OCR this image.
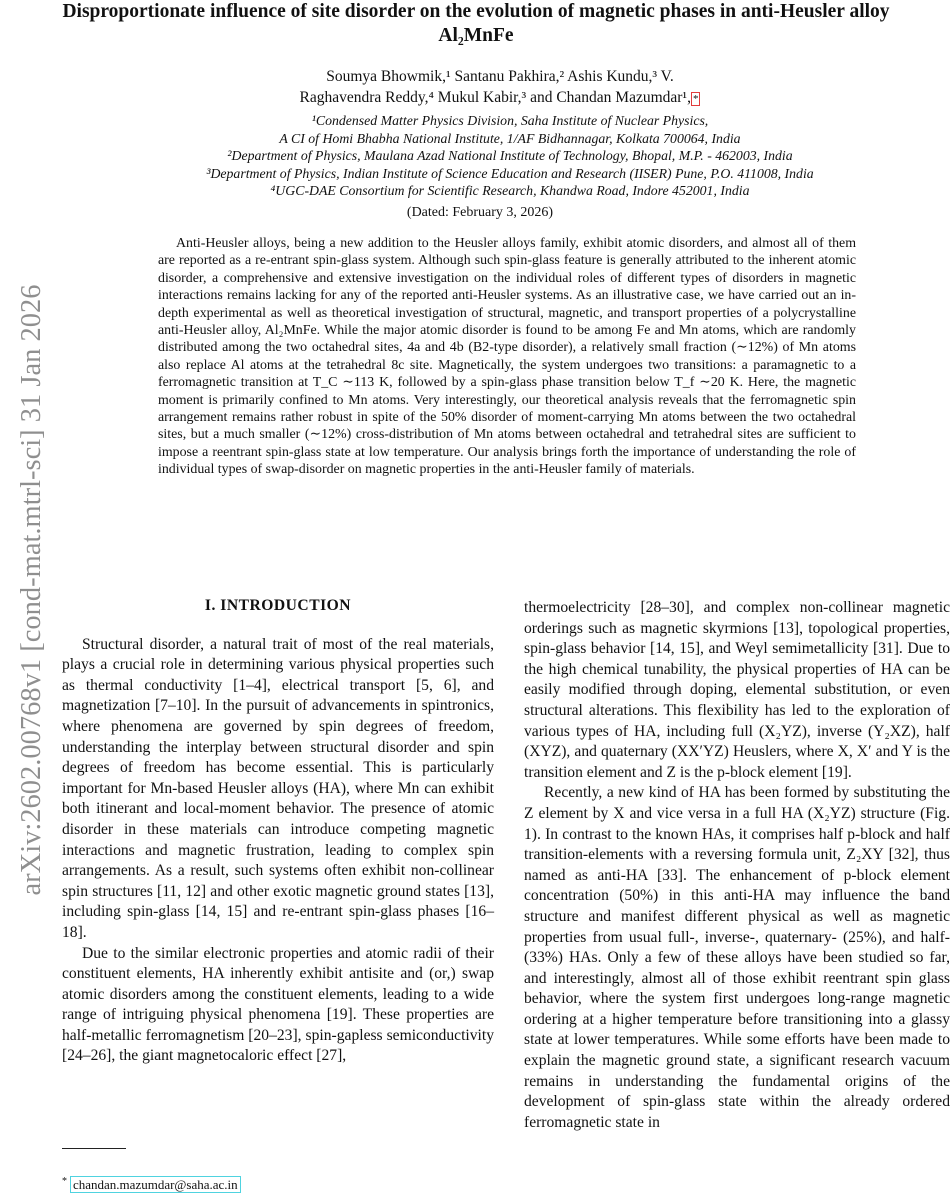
arXiv:2602.00768v1 [cond-mat.mtrl-sci] 31 Jan 2026
Disproportionate influence of site disorder on the evolution of magnetic phases in anti-Heusler alloy Al₂MnFe
Soumya Bhowmik,¹ Santanu Pakhira,² Ashis Kundu,³ V.
Raghavendra Reddy,⁴ Mukul Kabir,³ and Chandan Mazumdar¹, *
¹Condensed Matter Physics Division, Saha Institute of Nuclear Physics,
A CI of Homi Bhabha National Institute, 1/AF Bidhannagar, Kolkata 700064, India
²Department of Physics, Maulana Azad National Institute of Technology, Bhopal, M.P. - 462003, India
³Department of Physics, Indian Institute of Science Education and Research (IISER) Pune, P.O. 411008, India
⁴UGC-DAE Consortium for Scientific Research, Khandwa Road, Indore 452001, India
(Dated: February 3, 2026)

Anti-Heusler alloys, being a new addition to the Heusler alloys family, exhibit atomic disorders, and almost all of them are reported as a re-entrant spin-glass system. Although such spin-glass feature is generally attributed to the inherent atomic disorder, a comprehensive and extensive investigation on the individual roles of different types of disorders in magnetic interactions remains lacking for any of the reported anti-Heusler systems. As an illustrative case, we have carried out an in-depth experimental as well as theoretical investigation of structural, magnetic, and transport properties of a polycrystalline anti-Heusler alloy, Al₂MnFe. While the major atomic disorder is found to be among Fe and Mn atoms, which are randomly distributed among the two octahedral sites, 4a and 4b (B2-type disorder), a relatively small fraction (∼12%) of Mn atoms also replace Al atoms at the tetrahedral 8c site. Magnetically, the system undergoes two transitions: a paramagnetic to a ferromagnetic transition at T_C ∼113 K, followed by a spin-glass phase transition below T_f ∼20 K. Here, the magnetic moment is primarily confined to Mn atoms. Very interestingly, our theoretical analysis reveals that the ferromagnetic spin arrangement remains rather robust in spite of the 50% disorder of moment-carrying Mn atoms between the two octahedral sites, but a much smaller (∼12%) cross-distribution of Mn atoms between octahedral and tetrahedral sites are sufficient to impose a reentrant spin-glass state at low temperature. Our analysis brings forth the importance of understanding the role of individual types of swap-disorder on magnetic properties in the anti-Heusler family of materials.

I. INTRODUCTION

Structural disorder, a natural trait of most of the real materials, plays a crucial role in determining various physical properties such as thermal conductivity [1–4], electrical transport [5, 6], and magnetization [7–10]. In the pursuit of advancements in spintronics, where phenomena are governed by spin degrees of freedom, understanding the interplay between structural disorder and spin degrees of freedom has become essential. This is particularly important for Mn-based Heusler alloys (HA), where Mn can exhibit both itinerant and local-moment behavior. The presence of atomic disorder in these materials can introduce competing magnetic interactions and magnetic frustration, leading to complex spin arrangements. As a result, such systems often exhibit non-collinear spin structures [11, 12] and other exotic magnetic ground states [13], including spin-glass [14, 15] and re-entrant spin-glass phases [16–18].

Due to the similar electronic properties and atomic radii of their constituent elements, HA inherently exhibit antisite and (or,) swap atomic disorders among the constituent elements, leading to a wide range of intriguing physical phenomena [19]. These properties are half-metallic ferromagnetism [20–23], spin-gapless semiconductivity [24–26], the giant magnetocaloric effect [27],

thermoelectricity [28–30], and complex non-collinear magnetic orderings such as magnetic skyrmions [13], topological properties, spin-glass behavior [14, 15], and Weyl semimetallicity [31]. Due to the high chemical tunability, the physical properties of HA can be easily modified through doping, elemental substitution, or even structural alterations. This flexibility has led to the exploration of various types of HA, including full (X₂YZ), inverse (Y₂XZ), half (XYZ), and quaternary (XX′YZ) Heuslers, where X, X′ and Y is the transition element and Z is the p-block element [19].

Recently, a new kind of HA has been formed by substituting the Z element by X and vice versa in a full HA (X₂YZ) structure (Fig. 1). In contrast to the known HAs, it comprises half p-block and half transition-elements with a reversing formula unit, Z₂XY [32], thus named as anti-HA [33]. The enhancement of p-block element concentration (50%) in this anti-HA may influence the band structure and manifest different physical as well as magnetic properties from usual full-, inverse-, quaternary- (25%), and half-(33%) HAs. Only a few of these alloys have been studied so far, and interestingly, almost all of those exhibit reentrant spin glass behavior, where the system first undergoes long-range magnetic ordering at a higher temperature before transitioning into a glassy state at lower temperatures. While some efforts have been made to explain the magnetic ground state, a significant research vacuum remains in understanding the fundamental origins of the development of spin-glass state within the already ordered ferromagnetic state in

* chandan.mazumdar@saha.ac.in
